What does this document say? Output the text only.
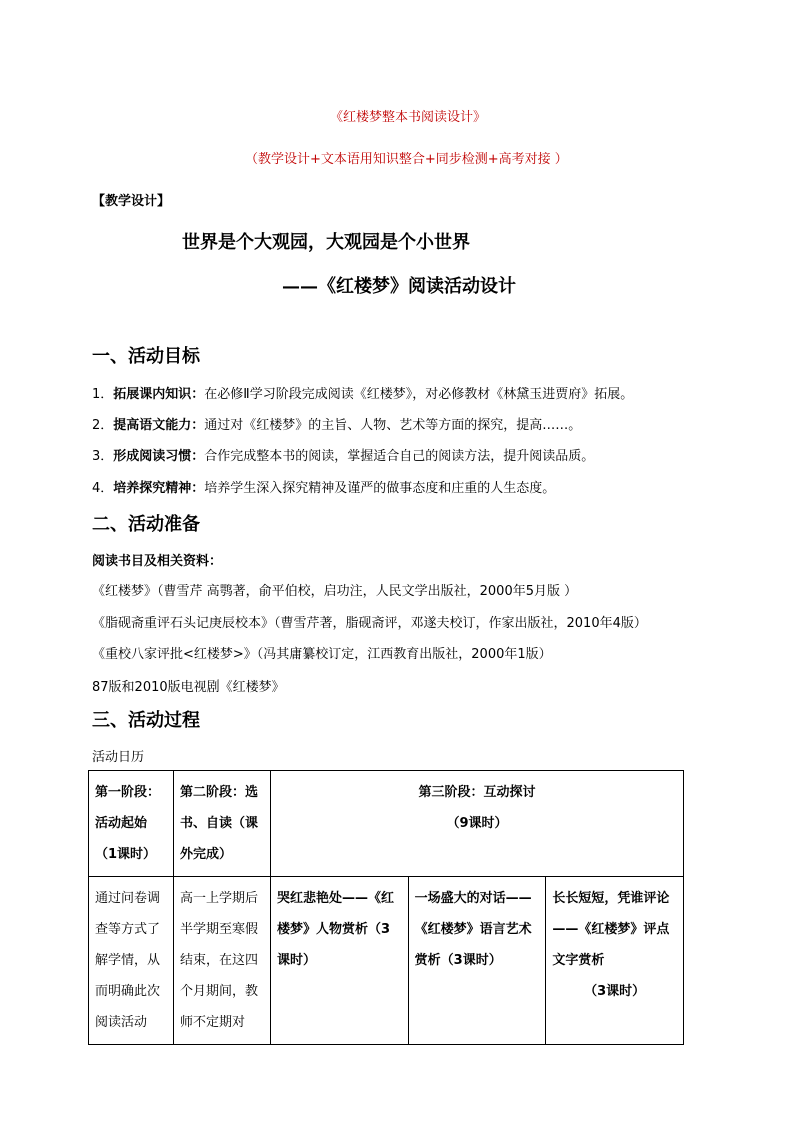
《红楼梦整本书阅读设计》
（教学设计+文本语用知识整合+同步检测+高考对接 ）
【教学设计】
世界是个大观园，大观园是个小世界
——《红楼梦》阅读活动设计
一、活动目标
1．拓展课内知识：在必修Ⅱ学习阶段完成阅读《红楼梦》，对必修教材《林黛玉进贾府》拓展。
2．提高语文能力：通过对《红楼梦》的主旨、人物、艺术等方面的探究，提高……。
3．形成阅读习惯：合作完成整本书的阅读，掌握适合自己的阅读方法，提升阅读品质。
4．培养探究精神：培养学生深入探究精神及谨严的做事态度和庄重的人生态度。
二、活动准备
阅读书目及相关资料：
《红楼梦》（曹雪芹 高鹗著，俞平伯校，启功注，人民文学出版社，2000年5月版 ）
《脂砚斋重评石头记庚辰校本》（曹雪芹著，脂砚斋评，邓遂夫校订，作家出版社，2010年4版）
《重校八家评批<红楼梦>》（冯其庸纂校订定，江西教育出版社，2000年1版）
87版和2010版电视剧《红楼梦》
三、活动过程
活动日历
第一阶段：活动起始（1课时）	第二阶段：选书、自读（课外完成）	第三阶段：互动探讨
（9课时）		

通过问卷调查等方式了解学情，从而明确此次阅读活动	高一上学期后半学期至寒假结束，在这四个月期间，教师不定期对	哭红悲艳处——《红楼梦》人物赏析（3课时）	一场盛大的对话——《红楼梦》语言艺术赏析（3课时）	长长短短，凭谁评论——《红楼梦》评点文字赏析

（3课时）
